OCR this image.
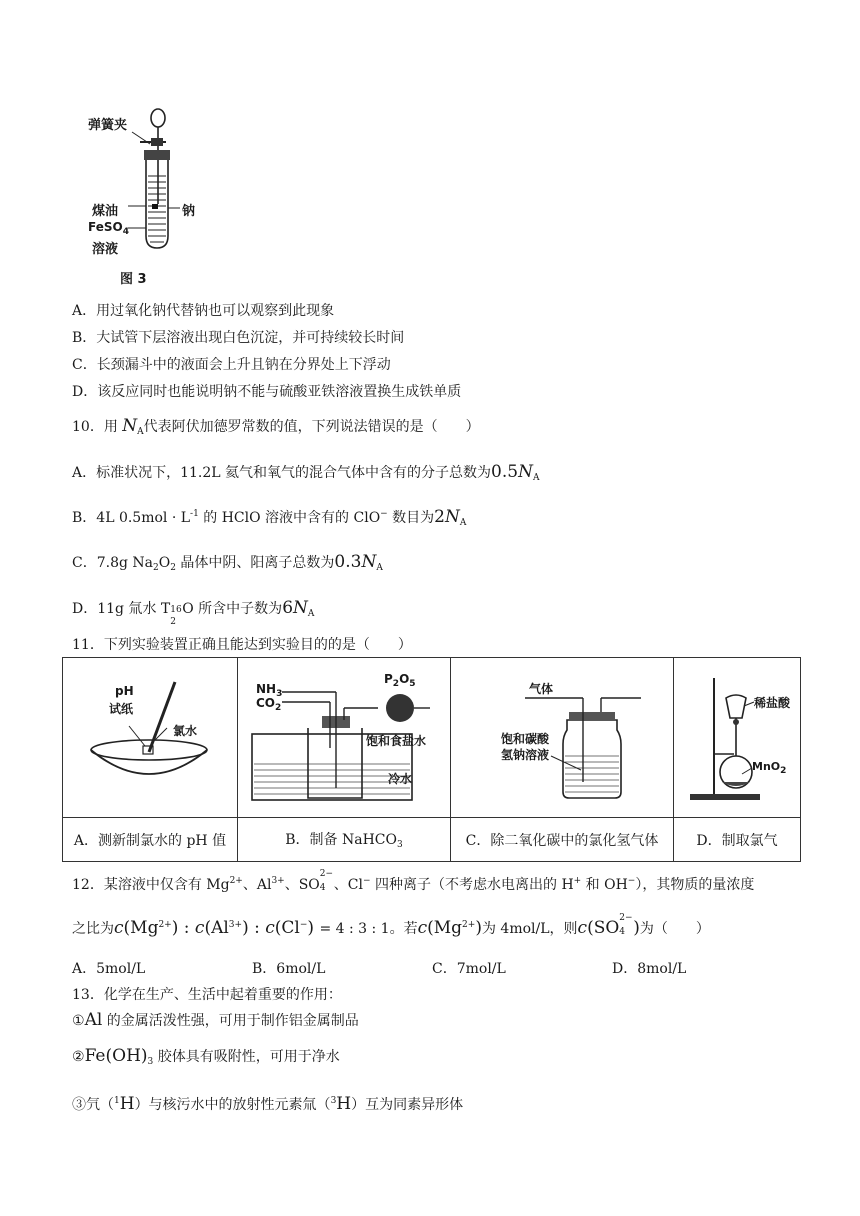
弹簧夹
煤油	钠
FeSO$_4$
溶液
图 3
A．用过氧化钠代替钠也可以观察到此现象
B．大试管下层溶液出现白色沉淀，并可持续较长时间
C．长颈漏斗中的液面会上升且钠在分界处上下浮动
D．该反应同时也能说明钠不能与硫酸亚铁溶液置换生成铁单质
10．用 $N_A$代表阿伏加德罗常数的值，下列说法错误的是（　　）
A．标准状况下，11.2L 氦气和氧气的混合气体中含有的分子总数为$0.5N_A$
B．4L $0.5mol \cdot L^{-1}$ 的 HClO 溶液中含有的 ClO− 数目为$2N_A$
C．7.8g $Na_2O_2$ 晶体中阴、阳离子总数为$0.3N_A$
D．11g 氚水 T 16
2
O 所含中子数为$6N_A$
11．下列实验装置正确且能达到实验目的的是（　　）
pH
试纸
氯水	$NH_3$
$CO_2$
$P_2O_5$
饱和食盐水
冷水	气体
饱和碳酸
氢钠溶液	稀盐酸
MnO$_2$

A．测新制氯水的 pH 值	B．制备 NaHCO$_3$	C．除二氧化碳中的氯化氢气体	D．制取氯气
12．某溶液中仅含有 $Mg^{2+}$、$Al^{3+}$、SO
2−
4 、Cl− 四种离子（不考虑水电离出的 H+ 和 OH−），其物质的量浓度
之比为$c(Mg^{2+})$ : $c(Al^{3+})$ : c(Cl−) = 4 : 3 : 1。若$c(Mg^{2+})$为 4mol/L，则c(SO 2−
4 )为（　　）
A．5mol/L	B．6mol/L	C．7mol/L	D．8mol/L
13．化学在生产、生活中起着重要的作用：
①Al 的金属活泼性强，可用于制作铝金属制品
$②Fe(OH)_3$ 胶体具有吸附性，可用于净水
③氕（$^1$H）与核污水中的放射性元素氚（$^3$H）互为同素异形体
